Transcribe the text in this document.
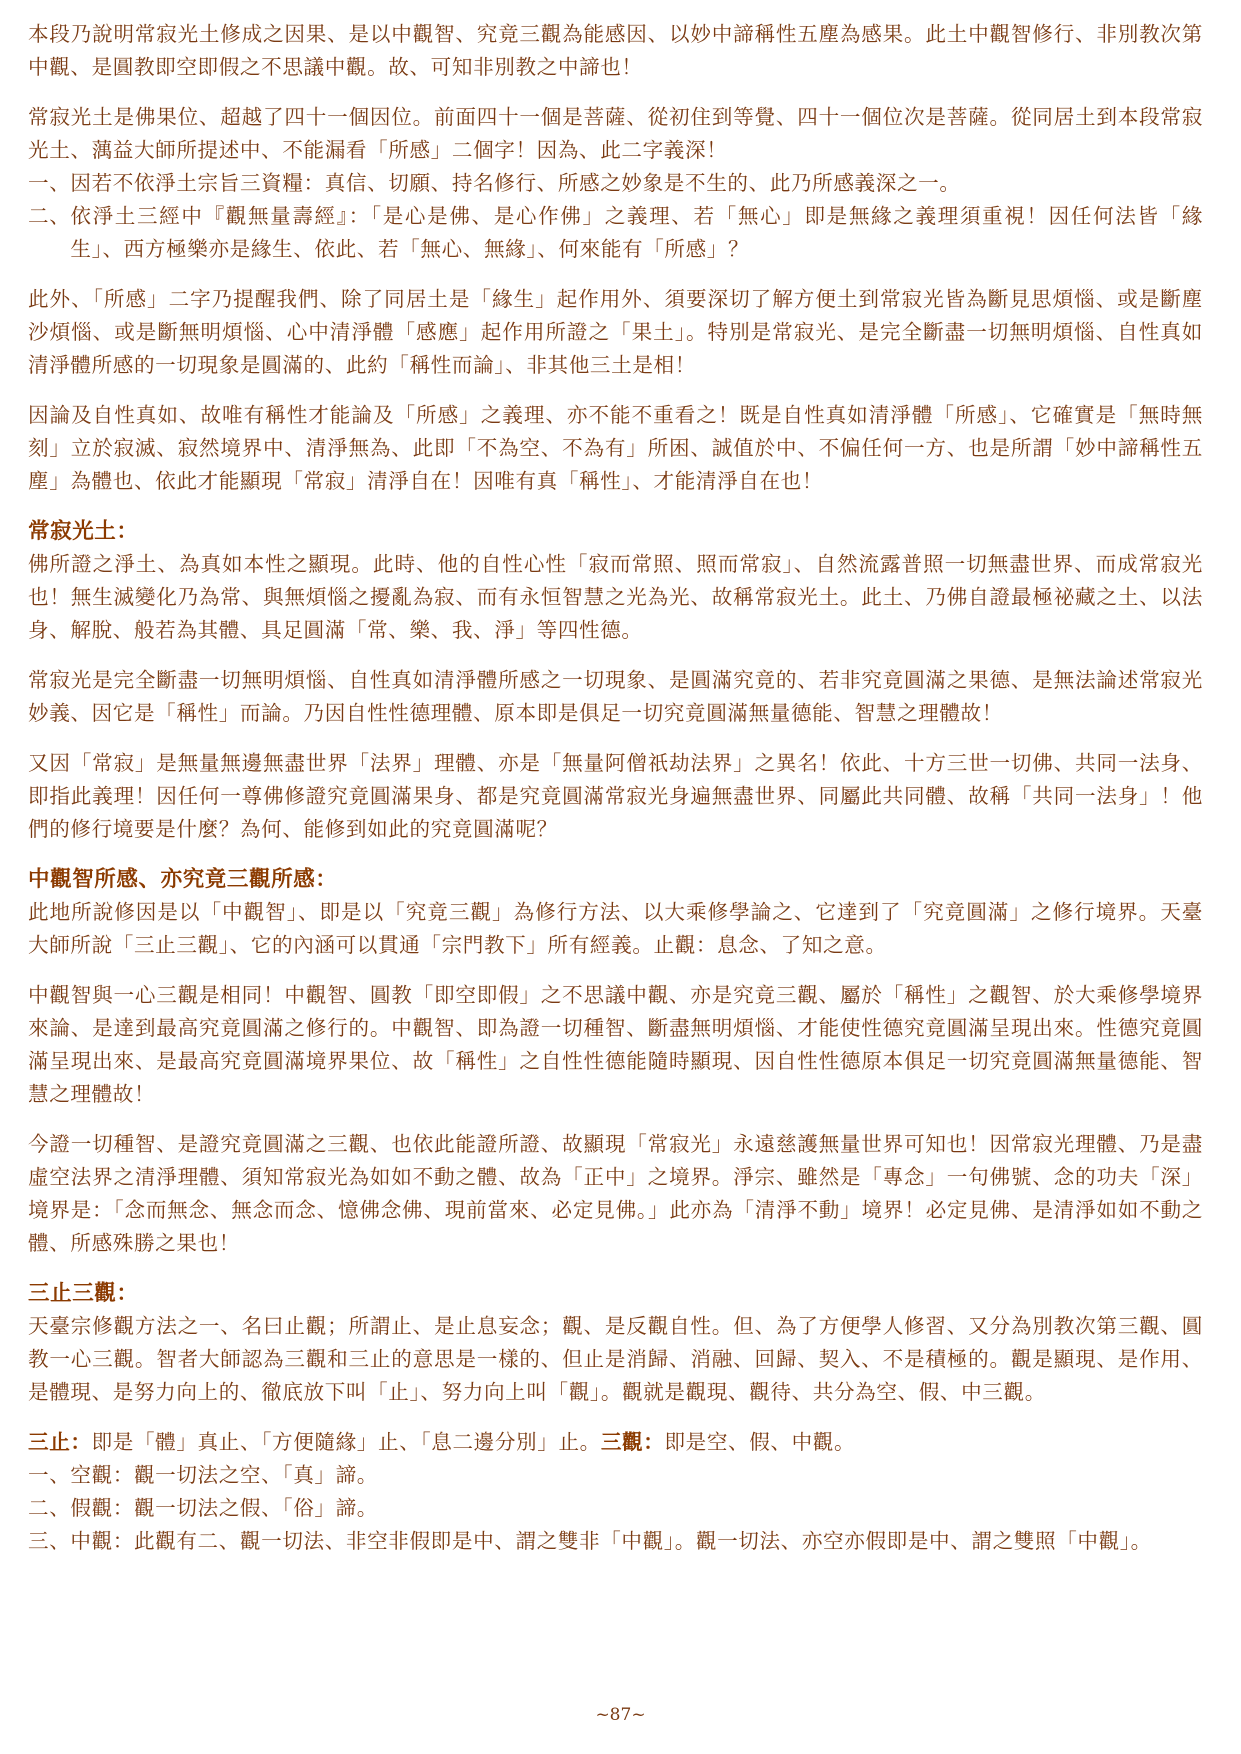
本段乃說明常寂光土修成之因果、是以中觀智、究竟三觀為能感因、以妙中諦稱性五塵為感果。此土中觀智修行、非別教次第中觀、是圓教即空即假之不思議中觀。故、可知非別教之中諦也！

常寂光土是佛果位、超越了四十一個因位。前面四十一個是菩薩、從初住到等覺、四十一個位次是菩薩。從同居土到本段常寂光土、蕅益大師所提述中、不能漏看「所感」二個字！因為、此二字義深！

一、 因若不依淨土宗旨三資糧：真信、切願、持名修行、所感之妙象是不生的、此乃所感義深之一。
二、 依淨土三經中『觀無量壽經』：「是心是佛、是心作佛」之義理、若「無心」即是無緣之義理須重視！因任何法皆「緣生」、西方極樂亦是緣生、依此、若「無心、無緣」、何來能有「所感」？

此外、「所感」二字乃提醒我們、除了同居土是「緣生」起作用外、須要深切了解方便土到常寂光皆為斷見思煩惱、或是斷塵沙煩惱、或是斷無明煩惱、心中清淨體「感應」起作用所證之「果土」。特別是常寂光、是完全斷盡一切無明煩惱、自性真如清淨體所感的一切現象是圓滿的、此約「稱性而論」、非其他三土是相！

因論及自性真如、故唯有稱性才能論及「所感」之義理、亦不能不重看之！既是自性真如清淨體「所感」、它確實是「無時無刻」立於寂滅、寂然境界中、清淨無為、此即「不為空、不為有」所困、誠值於中、不偏任何一方、也是所謂「妙中諦稱性五塵」為體也、依此才能顯現「常寂」清淨自在！因唯有真「稱性」、才能清淨自在也！

常寂光土：

佛所證之淨土、為真如本性之顯現。此時、他的自性心性「寂而常照、照而常寂」、自然流露普照一切無盡世界、而成常寂光也！無生滅變化乃為常、與無煩惱之擾亂為寂、而有永恒智慧之光為光、故稱常寂光土。此土、乃佛自證最極祕藏之土、以法身、解脫、般若為其體、具足圓滿「常、樂、我、淨」等四性德。

常寂光是完全斷盡一切無明煩惱、自性真如清淨體所感之一切現象、是圓滿究竟的、若非究竟圓滿之果德、是無法論述常寂光妙義、因它是「稱性」而論。乃因自性性德理體、原本即是俱足一切究竟圓滿無量德能、智慧之理體故！

又因「常寂」是無量無邊無盡世界「法界」理體、亦是「無量阿僧祇劫法界」之異名！依此、十方三世一切佛、共同一法身、即指此義理！因任何一尊佛修證究竟圓滿果身、都是究竟圓滿常寂光身遍無盡世界、同屬此共同體、故稱「共同一法身」！他們的修行境要是什麼？為何、能修到如此的究竟圓滿呢？

中觀智所感、亦究竟三觀所感：

此地所說修因是以「中觀智」、即是以「究竟三觀」為修行方法、以大乘修學論之、它達到了「究竟圓滿」之修行境界。天臺大師所說「三止三觀」、它的內涵可以貫通「宗門教下」所有經義。止觀：息念、了知之意。

中觀智與一心三觀是相同！中觀智、圓教「即空即假」之不思議中觀、亦是究竟三觀、屬於「稱性」之觀智、於大乘修學境界來論、是達到最高究竟圓滿之修行的。中觀智、即為證一切種智、斷盡無明煩惱、才能使性德究竟圓滿呈現出來。性德究竟圓滿呈現出來、是最高究竟圓滿境界果位、故「稱性」之自性性德能隨時顯現、因自性性德原本俱足一切究竟圓滿無量德能、智慧之理體故！

今證一切種智、是證究竟圓滿之三觀、也依此能證所證、故顯現「常寂光」永遠慈護無量世界可知也！因常寂光理體、乃是盡虛空法界之清淨理體、須知常寂光為如如不動之體、故為「正中」之境界。淨宗、雖然是「專念」一句佛號、念的功夫「深」境界是：「念而無念、無念而念、憶佛念佛、現前當來、必定見佛。」此亦為「清淨不動」境界！必定見佛、是清淨如如不動之體、所感殊勝之果也！

三止三觀：

天臺宗修觀方法之一、名曰止觀；所謂止、是止息妄念；觀、是反觀自性。但、為了方便學人修習、又分為別教次第三觀、圓教一心三觀。智者大師認為三觀和三止的意思是一樣的、但止是消歸、消融、回歸、契入、不是積極的。觀是顯現、是作用、是體現、是努力向上的、徹底放下叫「止」、努力向上叫「觀」。觀就是觀現、觀待、共分為空、假、中三觀。

三止：即是「體」真止、「方便隨緣」止、「息二邊分別」止。三觀：即是空、假、中觀。

一、空觀： 觀一切法之空、「真」諦。
二、假觀： 觀一切法之假、「俗」諦。
三、中觀： 此觀有二、觀一切法、非空非假即是中、謂之雙非「中觀」。觀一切法、亦空亦假即是中、謂之雙照「中觀」。
~87~
